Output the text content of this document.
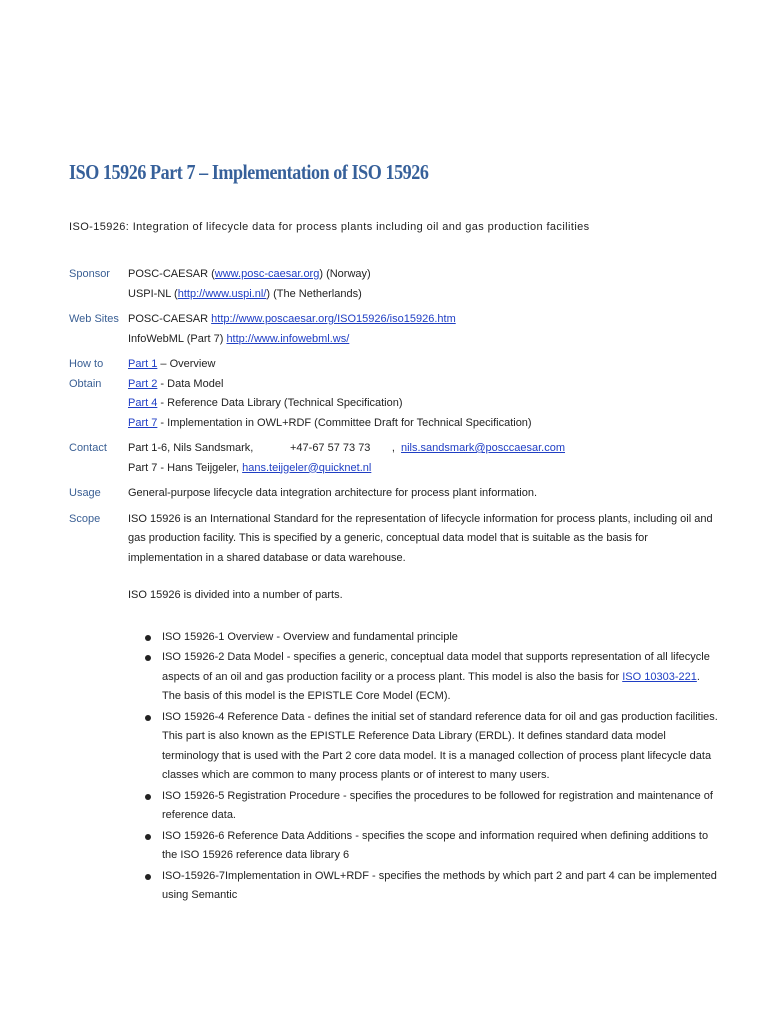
ISO 15926 Part 7 – Implementation of ISO 15926
ISO-15926: Integration of lifecycle data for process plants including oil and gas production facilities
Sponsor	POSC-CAESAR (www.posc-caesar.org) (Norway)
USPI-NL (http://www.uspi.nl/) (The Netherlands)
Web Sites POSC-CAESAR http://www.poscaesar.org/ISO15926/iso15926.htm
InfoWebML (Part 7) http://www.infowebml.ws/
How to
Obtain
Part 1 – Overview
Part 2 - Data Model
Part 4 - Reference Data Library (Technical Specification)
Part 7 - Implementation in OWL+RDF (Committee Draft for Technical Specification)
Contact	Part 1-6, Nils Sandsmark,            +47-67 57 73 73       ,  nils.sandsmark@posccaesar.com
Part 7 - Hans Teijgeler, hans.teijgeler@quicknet.nl
Usage	General-purpose lifecycle data integration architecture for process plant information.
Scope	ISO 15926 is an International Standard for the representation of lifecycle information for process plants, including oil and gas production facility. This is specified by a generic, conceptual data model that is suitable as the basis for implementation in a shared database or data warehouse.
ISO 15926 is divided into a number of parts.
ISO 15926-1 Overview - Overview and fundamental principle
ISO 15926-2 Data Model - specifies a generic, conceptual data model that supports representation of all lifecycle aspects of an oil and gas production facility or a process plant. This model is also the basis for ISO 10303-221. The basis of this model is the EPISTLE Core Model (ECM).
ISO 15926-4 Reference Data - defines the initial set of standard reference data for oil and gas production facilities. This part is also known as the EPISTLE Reference Data Library (ERDL). It defines standard data model terminology that is used with the Part 2 core data model. It is a managed collection of process plant lifecycle data classes which are common to many process plants or of interest to many users.
ISO 15926-5 Registration Procedure - specifies the procedures to be followed for registration and maintenance of reference data.
ISO 15926-6 Reference Data Additions - specifies the scope and information required when defining additions to the ISO 15926 reference data library 6
ISO-15926-7Implementation in OWL+RDF - specifies the methods by which part 2 and part 4 can be implemented using Semantic
